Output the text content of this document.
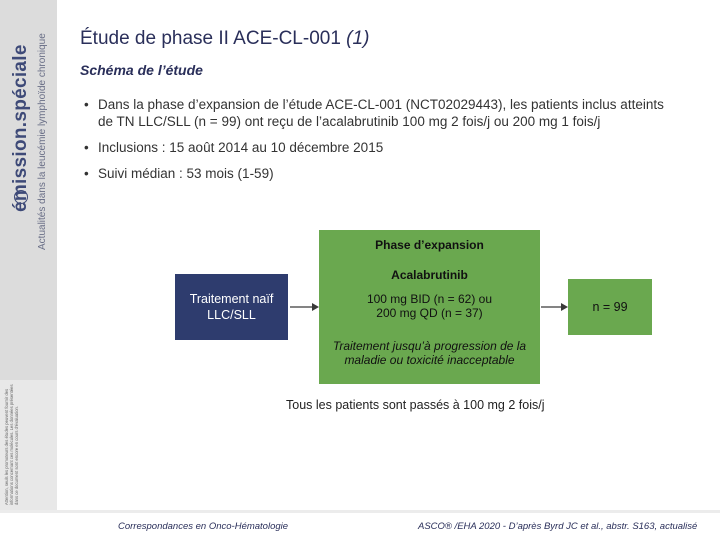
émission.spéciale Actualités dans la leucémie lymphoïde chronique
Attention, seuls les promoteurs des études peuvent fournir des informations concernant ces molécules. Les données présentées dans ce document sont encore en cours d'évaluation.
Étude de phase II ACE-CL-001 (1)
Schéma de l’étude
• Dans la phase d’expansion de l’étude ACE-CL-001 (NCT02029443), les patients inclus atteints de TN LLC/SLL (n = 99) ont reçu de l’acalabrutinib 100 mg 2 fois/j ou 200 mg 1 fois/j
• Inclusions : 15 août 2014 au 10 décembre 2015
• Suivi médian : 53 mois (1-59)
Phase d’expansion
Acalabrutinib
100 mg BID (n = 62) ou
200 mg QD (n = 37)
Traitement jusqu’à progression de la maladie ou toxicité inacceptable
Traitement naïf LLC/SLL
n = 99
Tous les patients sont passés à 100 mg 2 fois/j
Correspondances en Onco-Hématologie	ASCO® /EHA 2020 - D’après Byrd JC et al., abstr. S163, actualisé
